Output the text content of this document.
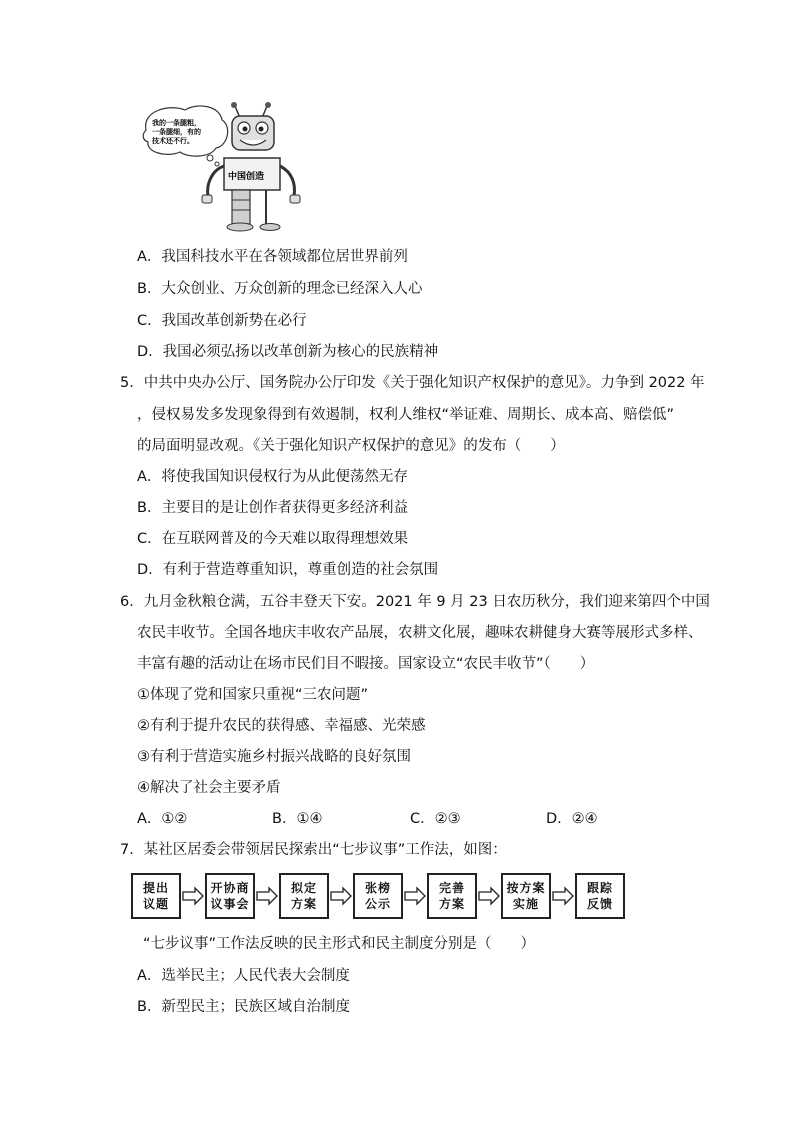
我的一条腿粗，
一条腿细，有的
技术还不行。
中国创造
A．我国科技水平在各领域都位居世界前列
B．大众创业、万众创新的理念已经深入人心
C．我国改革创新势在必行
D．我国必须弘扬以改革创新为核心的民族精神
5．中共中央办公厅、国务院办公厅印发《关于强化知识产权保护的意见》。力争到 2022 年
，侵权易发多发现象得到有效遏制，权利人维权“举证难、周期长、成本高、赔偿低”
的局面明显改观。《关于强化知识产权保护的意见》的发布（　　）
A．将使我国知识侵权行为从此便荡然无存
B．主要目的是让创作者获得更多经济利益
C．在互联网普及的今天难以取得理想效果
D．有利于营造尊重知识，尊重创造的社会氛围
6．九月金秋粮仓满，五谷丰登天下安。2021 年 9 月 23 日农历秋分，我们迎来第四个中国
农民丰收节。全国各地庆丰收农产品展，农耕文化展，趣味农耕健身大赛等展形式多样、
丰富有趣的活动让在场市民们目不暇接。国家设立“农民丰收节”（　　）
①体现了党和国家只重视“三农问题”
②有利于提升农民的获得感、幸福感、光荣感
③有利于营造实施乡村振兴战略的良好氛围
④解决了社会主要矛盾
A．①②	B．①④	C．②③	D．②④
7．某社区居委会带领居民探索出“七步议事”工作法，如图：
提出
议题
开协商
议事会
拟定
方案
张榜
公示
完善
方案
按方案
实施
跟踪
反馈
“七步议事”工作法反映的民主形式和民主制度分别是（　　）
A．选举民主；人民代表大会制度
B．新型民主；民族区域自治制度
